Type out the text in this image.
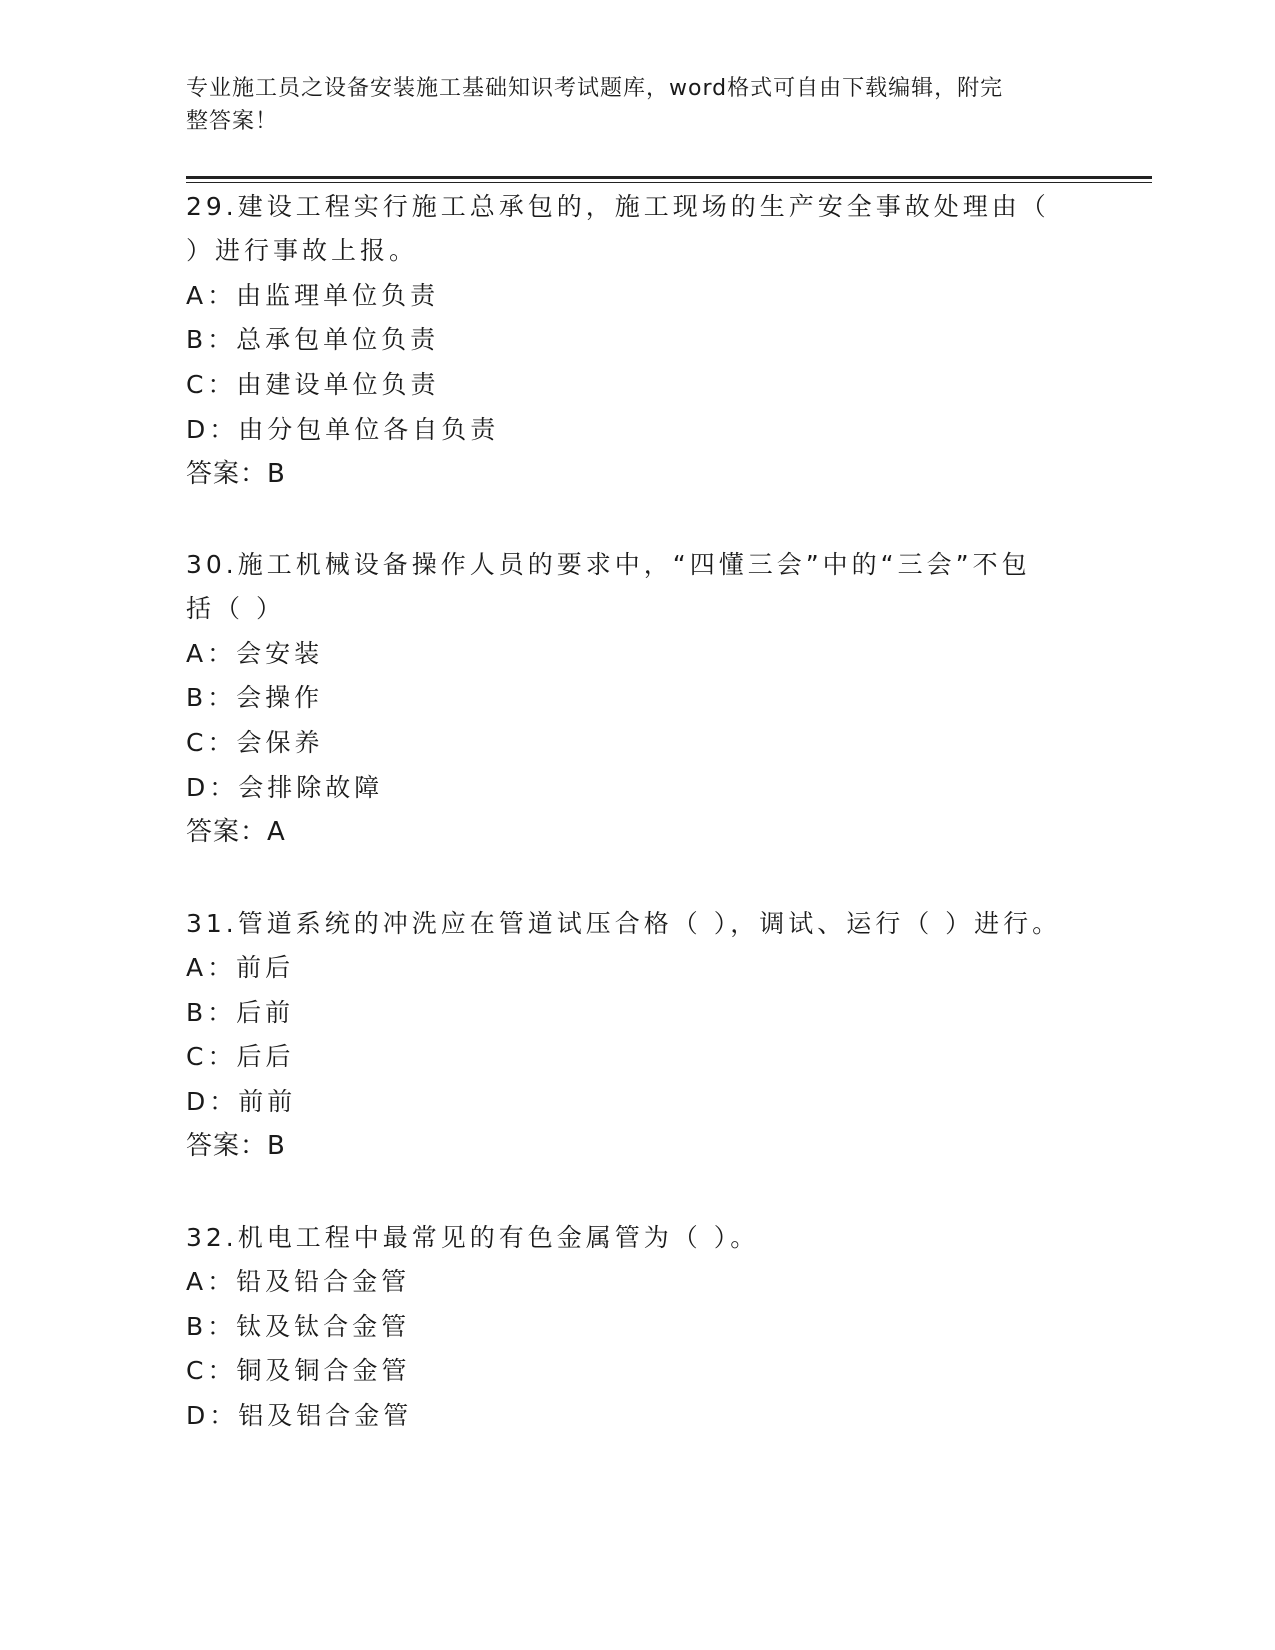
专业施工员之设备安装施工基础知识考试题库，word格式可自由下载编辑，附完
整答案！
29.建设工程实行施工总承包的，施工现场的生产安全事故处理由（
）进行事故上报。
A：由监理单位负责
B：总承包单位负责
C：由建设单位负责
D：由分包单位各自负责
答案：B
30.施工机械设备操作人员的要求中，“四懂三会”中的“三会”不包
括（ ）
A：会安装
B：会操作
C：会保养
D：会排除故障
答案：A
31.管道系统的冲洗应在管道试压合格（ ），调试、运行（ ）进行。
A：前后
B：后前
C：后后
D：前前
答案：B
32.机电工程中最常见的有色金属管为（ ）。
A：铅及铅合金管
B：钛及钛合金管
C：铜及铜合金管
D：铝及铝合金管
